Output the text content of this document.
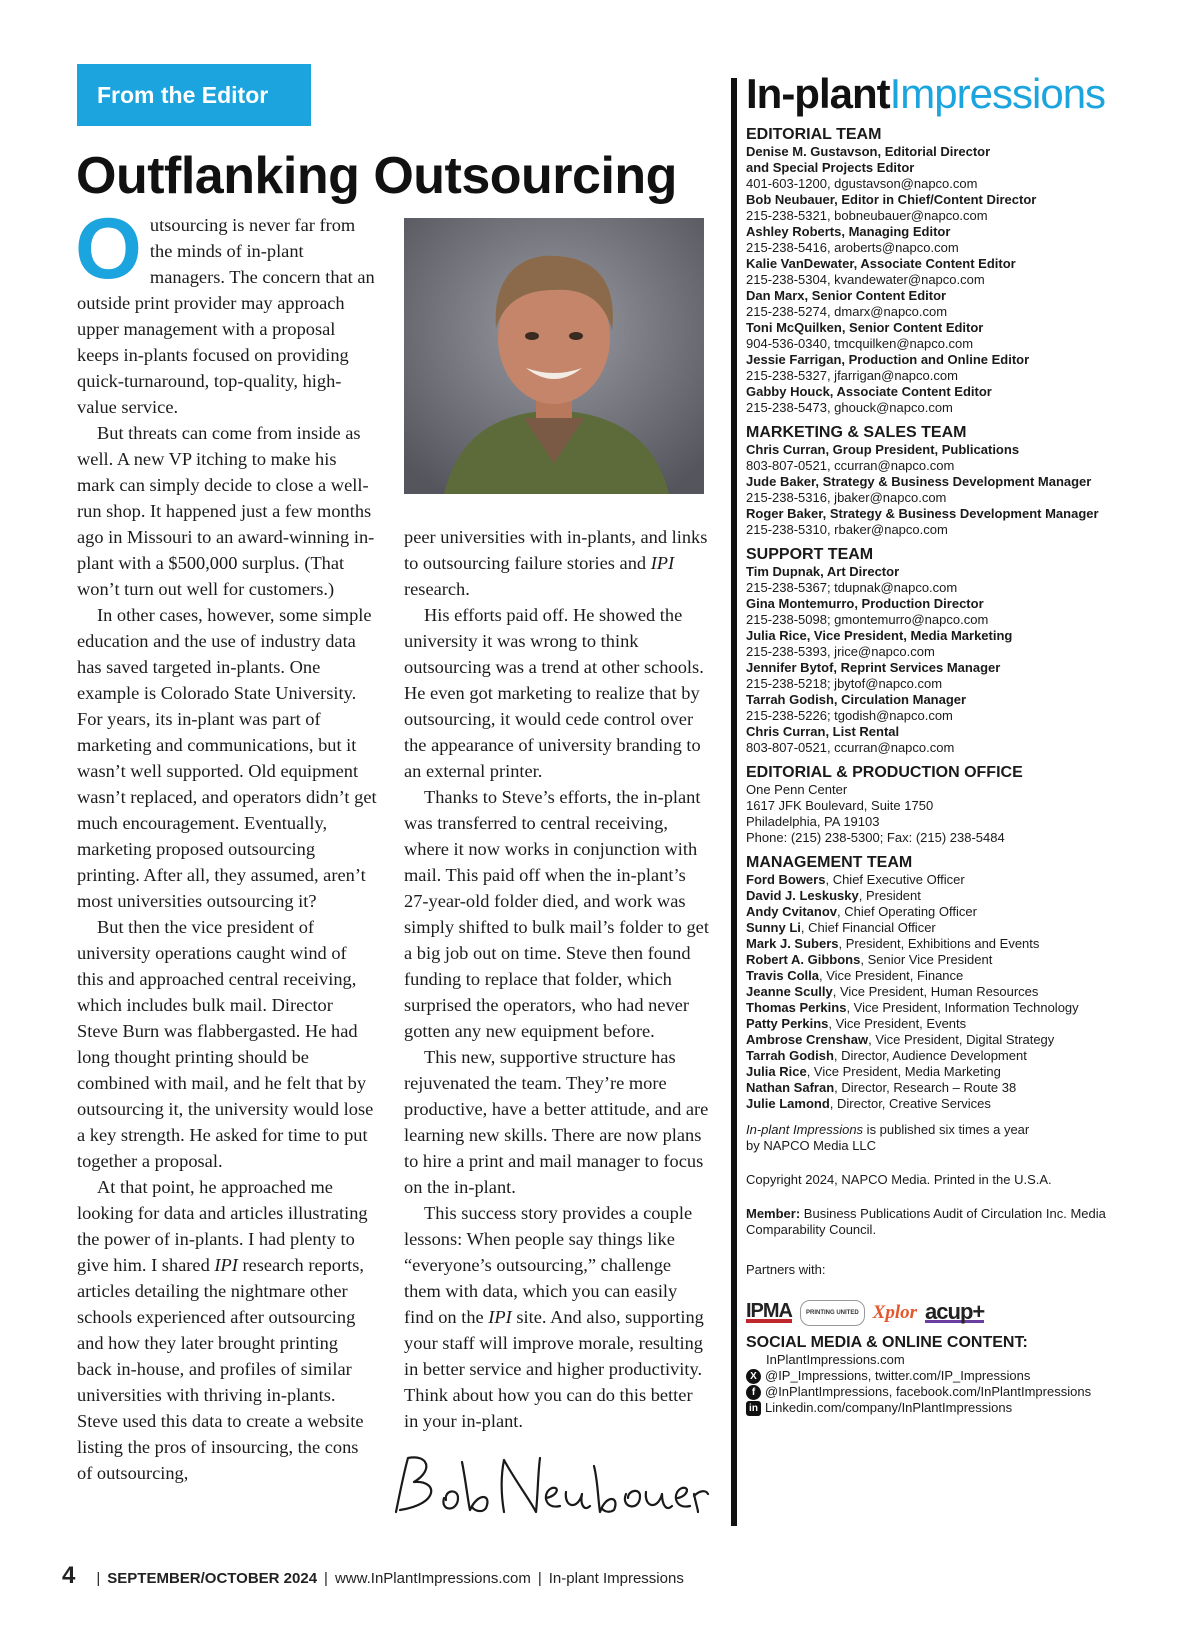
From the Editor
Outflanking Outsourcing

Outsourcing is never far from the minds of in-plant managers. The concern that an outside print provider may approach upper management with a proposal keeps in-plants focused on providing quick-turnaround, top-quality, high-value service.

But threats can come from inside as well. A new VP itching to make his mark can simply decide to close a well-run shop. It happened just a few months ago in Missouri to an award-winning in-plant with a $500,000 surplus. (That won’t turn out well for customers.)

In other cases, however, some simple education and the use of industry data has saved targeted in-plants. One example is Colorado State University. For years, its in-plant was part of marketing and communications, but it wasn’t well supported. Old equipment wasn’t replaced, and operators didn’t get much encouragement. Eventually, marketing proposed outsourcing printing. After all, they assumed, aren’t most universities outsourcing it?

But then the vice president of university operations caught wind of this and approached central receiving, which includes bulk mail. Director Steve Burn was flabbergasted. He had long thought printing should be combined with mail, and he felt that by outsourcing it, the university would lose a key strength. He asked for time to put together a proposal.

At that point, he approached me looking for data and articles illustrating the power of in-plants. I had plenty to give him. I shared IPI research reports, articles detailing the nightmare other schools experienced after outsourcing and how they later brought printing back in-house, and profiles of similar universities with thriving in-plants. Steve used this data to create a website listing the pros of insourcing, the cons of outsourcing,

peer universities with in-plants, and links to outsourcing failure stories and IPI research.

His efforts paid off. He showed the university it was wrong to think outsourcing was a trend at other schools. He even got marketing to realize that by outsourcing, it would cede control over the appearance of university branding to an external printer.

Thanks to Steve’s efforts, the in-plant was transferred to central receiving, where it now works in conjunction with mail. This paid off when the in-plant’s 27-year-old folder died, and work was simply shifted to bulk mail’s folder to get a big job out on time. Steve then found funding to replace that folder, which surprised the operators, who had never gotten any new equipment before.

This new, supportive structure has rejuvenated the team. They’re more productive, have a better attitude, and are learning new skills. There are now plans to hire a print and mail manager to focus on the in-plant.

This success story provides a couple lessons: When people say things like “everyone’s outsourcing,” challenge them with data, which you can easily find on the IPI site. And also, supporting your staff will improve morale, resulting in better service and higher productivity. Think about how you can do this better in your in-plant.

In-plantImpressions

EDITORIAL TEAM

Denise M. Gustavson, Editorial Director
and Special Projects Editor
401-603-1200, dgustavson@napco.com
Bob Neubauer, Editor in Chief/Content Director
215-238-5321, bobneubauer@napco.com
Ashley Roberts, Managing Editor
215-238-5416, aroberts@napco.com
Kalie VanDewater, Associate Content Editor
215-238-5304, kvandewater@napco.com
Dan Marx, Senior Content Editor
215-238-5274, dmarx@napco.com
Toni McQuilken, Senior Content Editor
904-536-0340, tmcquilken@napco.com
Jessie Farrigan, Production and Online Editor
215-238-5327, jfarrigan@napco.com
Gabby Houck, Associate Content Editor
215-238-5473, ghouck@napco.com

MARKETING & SALES TEAM

Chris Curran, Group President, Publications
803-807-0521, ccurran@napco.com
Jude Baker, Strategy & Business Development Manager
215-238-5316, jbaker@napco.com
Roger Baker, Strategy & Business Development Manager
215-238-5310, rbaker@napco.com

SUPPORT TEAM

Tim Dupnak, Art Director
215-238-5367; tdupnak@napco.com
Gina Montemurro, Production Director
215-238-5098; gmontemurro@napco.com
Julia Rice, Vice President, Media Marketing
215-238-5393, jrice@napco.com
Jennifer Bytof, Reprint Services Manager
215-238-5218; jbytof@napco.com
Tarrah Godish, Circulation Manager
215-238-5226; tgodish@napco.com
Chris Curran, List Rental
803-807-0521, ccurran@napco.com

EDITORIAL & PRODUCTION OFFICE

One Penn Center
1617 JFK Boulevard, Suite 1750
Philadelphia, PA 19103
Phone: (215) 238-5300; Fax: (215) 238-5484

MANAGEMENT TEAM

Ford Bowers, Chief Executive Officer
David J. Leskusky, President
Andy Cvitanov, Chief Operating Officer
Sunny Li, Chief Financial Officer
Mark J. Subers, President, Exhibitions and Events
Robert A. Gibbons, Senior Vice President
Travis Colla, Vice President, Finance
Jeanne Scully, Vice President, Human Resources
Thomas Perkins, Vice President, Information Technology
Patty Perkins, Vice President, Events
Ambrose Crenshaw, Vice President, Digital Strategy
Tarrah Godish, Director, Audience Development
Julia Rice, Vice President, Media Marketing
Nathan Safran, Director, Research – Route 38
Julie Lamond, Director, Creative Services

In-plant Impressions is published six times a year
by NAPCO Media LLC

Copyright 2024, NAPCO Media. Printed in the U.S.A.

Member: Business Publications Audit of Circulation Inc. Media Comparability Council.

Partners with:

IPMA	PRINTING UNITED Xplor acup+

SOCIAL MEDIA & ONLINE CONTENT:

InPlantImpressions.com

X @IP_Impressions, twitter.com/IP_Impressions
f @InPlantImpressions, facebook.com/InPlantImpressions
in Linkedin.com/company/InPlantImpressions
4 | SEPTEMBER/OCTOBER 2024 | www.InPlantImpressions.com | In-plant Impressions
